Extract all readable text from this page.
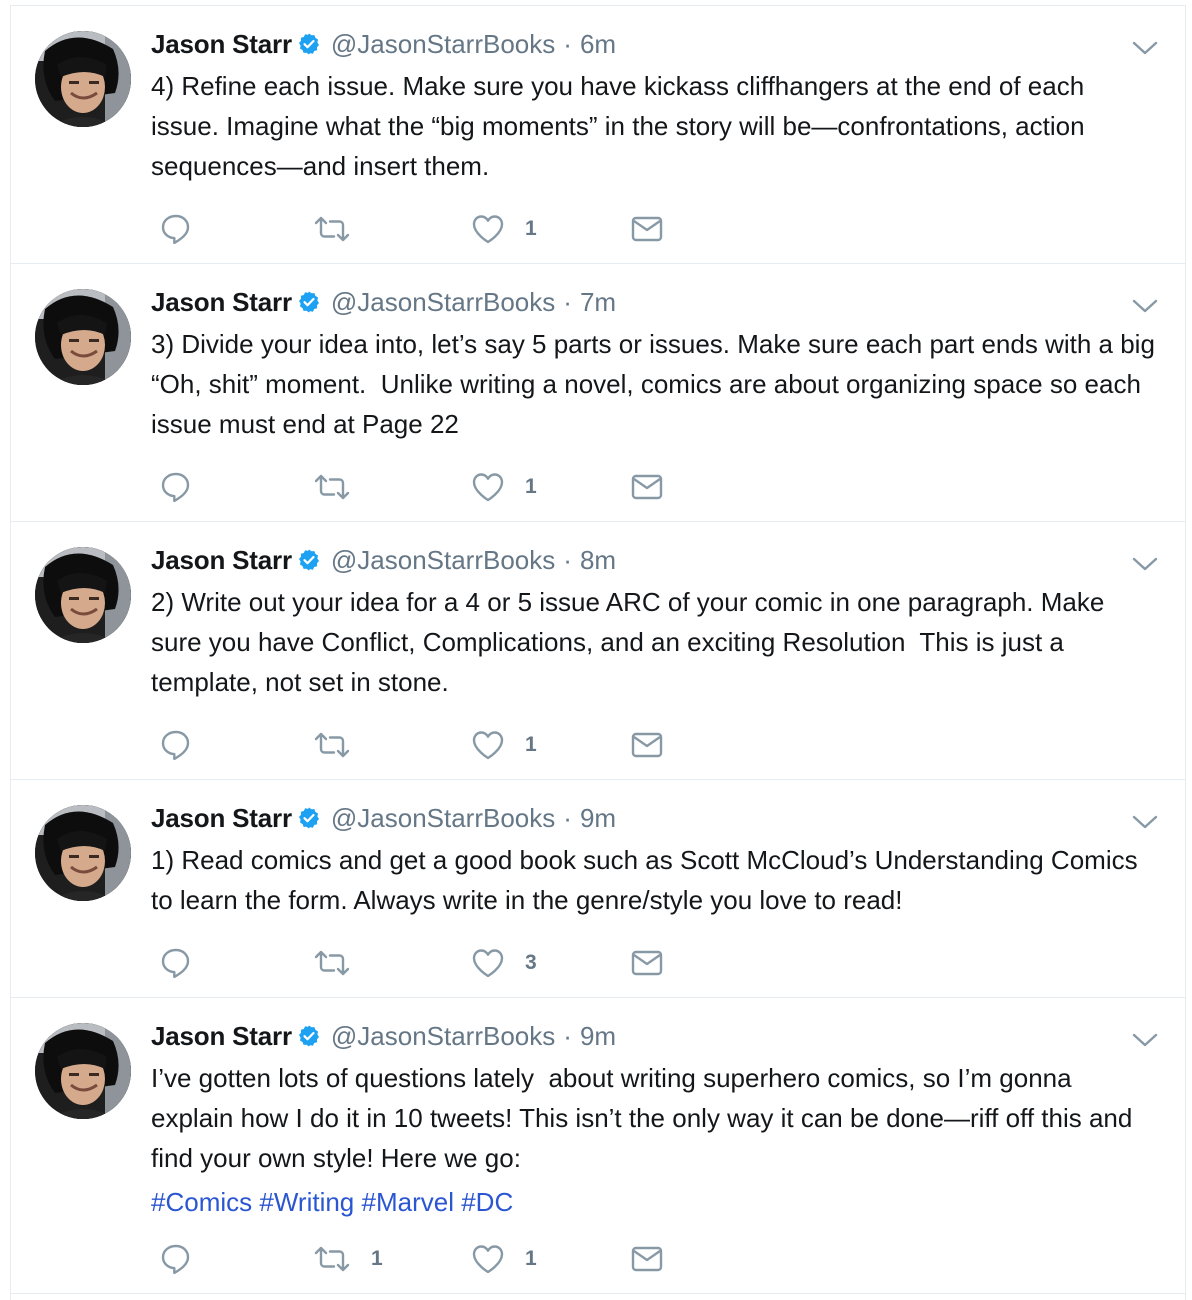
Jason Starr @JasonStarrBooks · 6m
4) Refine each issue. Make sure you have kickass cliffhangers at the end of each issue. Imagine what the “big moments” in the story will be—confrontations, action sequences—and insert them.
1
Jason Starr @JasonStarrBooks · 7m
3) Divide your idea into, let’s say 5 parts or issues. Make sure each part ends with a big  “Oh, shit” moment.  Unlike writing a novel, comics are about organizing space so each issue must end at Page 22
1
Jason Starr @JasonStarrBooks · 8m
2) Write out your idea for a 4 or 5 issue ARC of your comic in one paragraph. Make sure you have Conflict, Complications, and an exciting Resolution  This is just a template, not set in stone.
1
Jason Starr @JasonStarrBooks · 9m
1) Read comics and get a good book such as Scott McCloud’s Understanding Comics to learn the form. Always write in the genre/style you love to read!
3
Jason Starr @JasonStarrBooks · 9m
I’ve gotten lots of questions lately  about writing superhero comics, so I’m gonna explain how I do it in 10 tweets! This isn’t the only way it can be done—riff off this and find your own style! Here we go:
#Comics #Writing #Marvel #DC
1	1
